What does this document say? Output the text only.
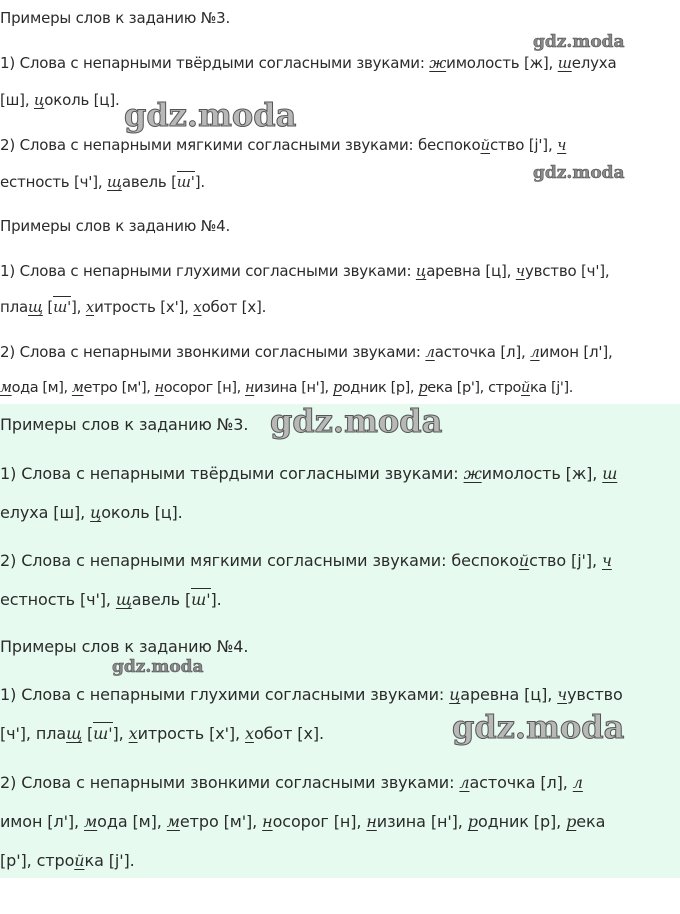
Примеры слов к заданию №3.
1) Слова с непарными твёрдыми согласными звуками: жимолость [ж], шелуха
[ш], цоколь [ц].
2) Слова с непарными мягкими согласными звуками: беспокойство [j'], ч
естность [ч'], щавель [ш'].
Примеры слов к заданию №4.
1) Слова с непарными глухими согласными звуками: царевна [ц], чувство [ч'],
плащ [ш'], хитрость [х'], хобот [х].
2) Слова с непарными звонкими согласными звуками: ласточка [л], лимон [л'],
мода [м], метро [м'], носорог [н], низина [н'], родник [р], река [р'], стройка [j'].
gdz.moda
gdz.moda
gdz.moda
Примеры слов к заданию №3.
1) Слова с непарными твёрдыми согласными звуками: жимолость [ж], ш
елуха [ш], цоколь [ц].
2) Слова с непарными мягкими согласными звуками: беспокойство [j'], ч
естность [ч'], щавель [ш'].
Примеры слов к заданию №4.
1) Слова с непарными глухими согласными звуками: царевна [ц], чувство
[ч'], плащ [ш'], хитрость [х'], хобот [х].
2) Слова с непарными звонкими согласными звуками: ласточка [л], л
имон [л'], мода [м], метро [м'], носорог [н], низина [н'], родник [р], река
[р'], стройка [j'].
gdz.moda
gdz.moda
gdz.moda
